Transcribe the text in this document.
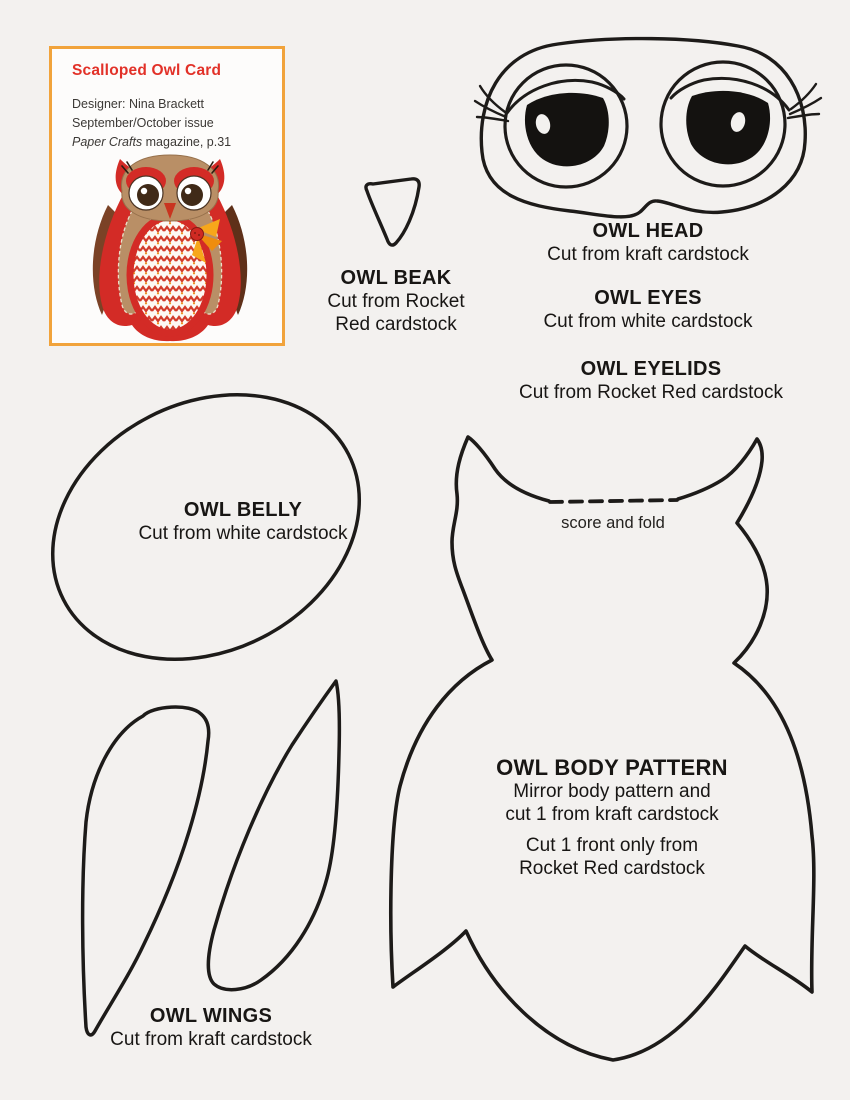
OWL BEAK
Cut from Rocket
Red cardstock
OWL HEAD
Cut from kraft cardstock
OWL EYES
Cut from white cardstock
OWL EYELIDS
Cut from Rocket Red cardstock
OWL BELLY
Cut from white cardstock	score and fold
OWL BODY PATTERN
Mirror body pattern and
cut 1 from kraft cardstock
Cut 1 front only from
Rocket Red cardstock
OWL WINGS
Cut from kraft cardstock
Scalloped Owl Card
Designer: Nina Brackett
September/October issue
Paper Crafts magazine, p.31
